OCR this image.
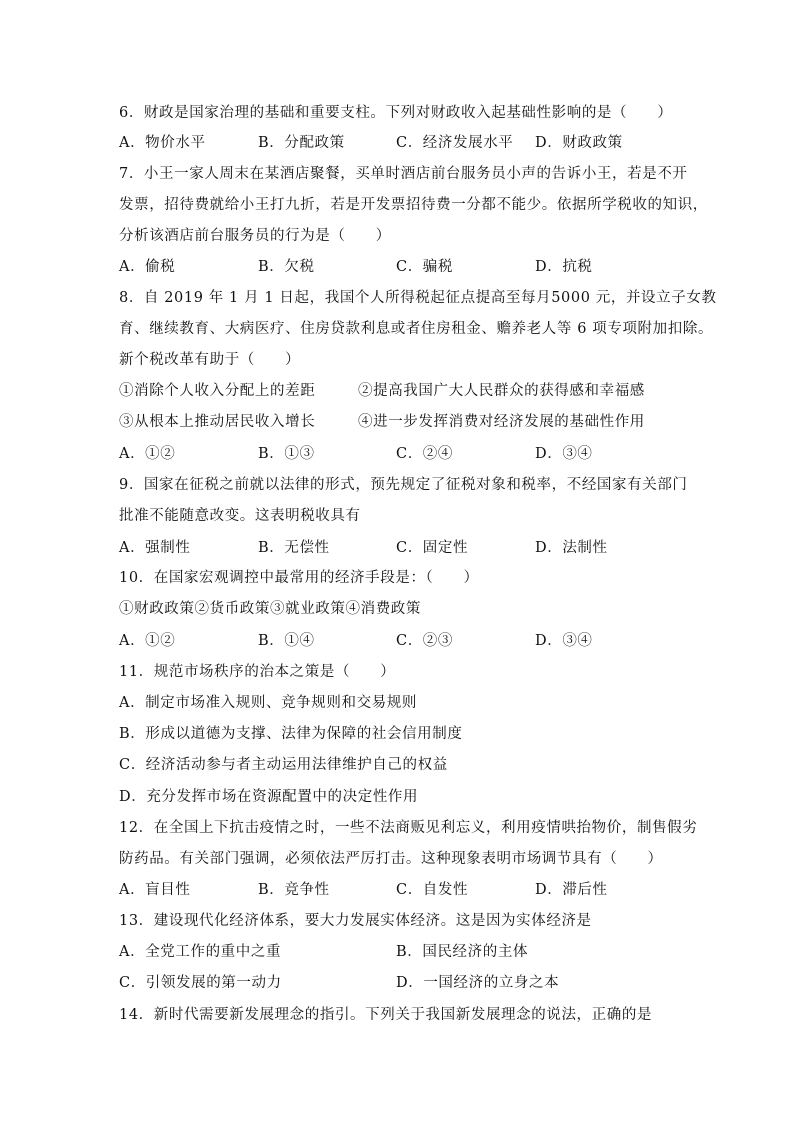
6．财政是国家治理的基础和重要支柱。下列对财政收入起基础性影响的是（　　）
A．物价水平	B．分配政策	C．经济发展水平 D．财政政策
7．小王一家人周末在某酒店聚餐，买单时酒店前台服务员小声的告诉小王，若是不开
发票，招待费就给小王打九折，若是开发票招待费一分都不能少。依据所学税收的知识，
分析该酒店前台服务员的行为是（　　）
A．偷税	B．欠税	C．骗税	D．抗税
8．自 2019 年 1 月 1 日起，我国个人所得税起征点提高至每月5000 元，并设立子女教
育、继续教育、大病医疗、住房贷款利息或者住房租金、赡养老人等 6 项专项附加扣除。
新个税改革有助于（　　）
①消除个人收入分配上的差距	②提高我国广大人民群众的获得感和幸福感
③从根本上推动居民收入增长	④进一步发挥消费对经济发展的基础性作用
A．①②	B．①③	C．②④	D．③④
9．国家在征税之前就以法律的形式，预先规定了征税对象和税率，不经国家有关部门
批准不能随意改变。这表明税收具有
A．强制性	B．无偿性	C．固定性	D．法制性
10．在国家宏观调控中最常用的经济手段是：（　　）
①财政政策②货币政策③就业政策④消费政策
A．①②	B．①④	C．②③	D．③④
11．规范市场秩序的治本之策是（　　）
A．制定市场准入规则、竞争规则和交易规则
B．形成以道德为支撑、法律为保障的社会信用制度
C．经济活动参与者主动运用法律维护自己的权益
D．充分发挥市场在资源配置中的决定性作用
12．在全国上下抗击疫情之时，一些不法商贩见利忘义，利用疫情哄抬物价，制售假劣
防药品。有关部门强调，必须依法严厉打击。这种现象表明市场调节具有（　　）
A．盲目性	B．竞争性	C．自发性	D．滞后性
13．建设现代化经济体系，要大力发展实体经济。这是因为实体经济是
A．全党工作的重中之重	B．国民经济的主体
C．引领发展的第一动力	D．一国经济的立身之本
14．新时代需要新发展理念的指引。下列关于我国新发展理念的说法，正确的是
